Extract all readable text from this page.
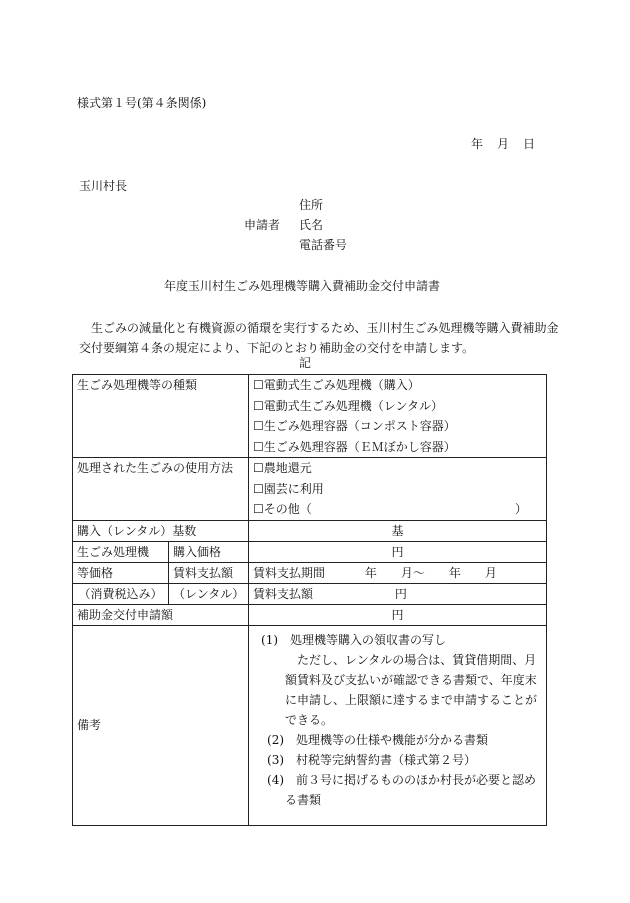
様式第１号(第４条関係)
年 月 日
玉川村長
住所
申請者 氏名
電話番号
年度玉川村生ごみ処理機等購入費補助金交付申請書
生ごみの減量化と有機資源の循環を実行するため、玉川村生ごみ処理機等購入費補助金交付要綱第４条の規定により、下記のとおり補助金の交付を申請します。
記
生ごみ処理機等の種類		☐電動式生ごみ処理機（購入）
☐電動式生ごみ処理機（レンタル）
☐生ごみ処理容器（コンポスト容器）
☐生ごみ処理容器（ＥＭぼかし容器）

処理された生ごみの使用方法		☐農地還元
☐園芸に利用
☐その他（ ）

購入（レンタル）基数		基
生ごみ処理機	購入価格	円
等価格	賃料支払額	賃料支払期間 年　　月～　　年　　月
（消費税込み）	（レンタル）	賃料支払額 円
補助金交付申請額		円
備考		(1)　処理機等購入の領収書の写し
ただし、レンタルの場合は、賃貸借期間、月額賃料及び支払いが確認できる書類で、年度末に申請し、上限額に達するまで申請することができる。
(2)　処理機等の仕様や機能が分かる書類
(3)　村税等完納誓約書（様式第２号）
(4)　前３号に掲げるもののほか村長が必要と認める書類
